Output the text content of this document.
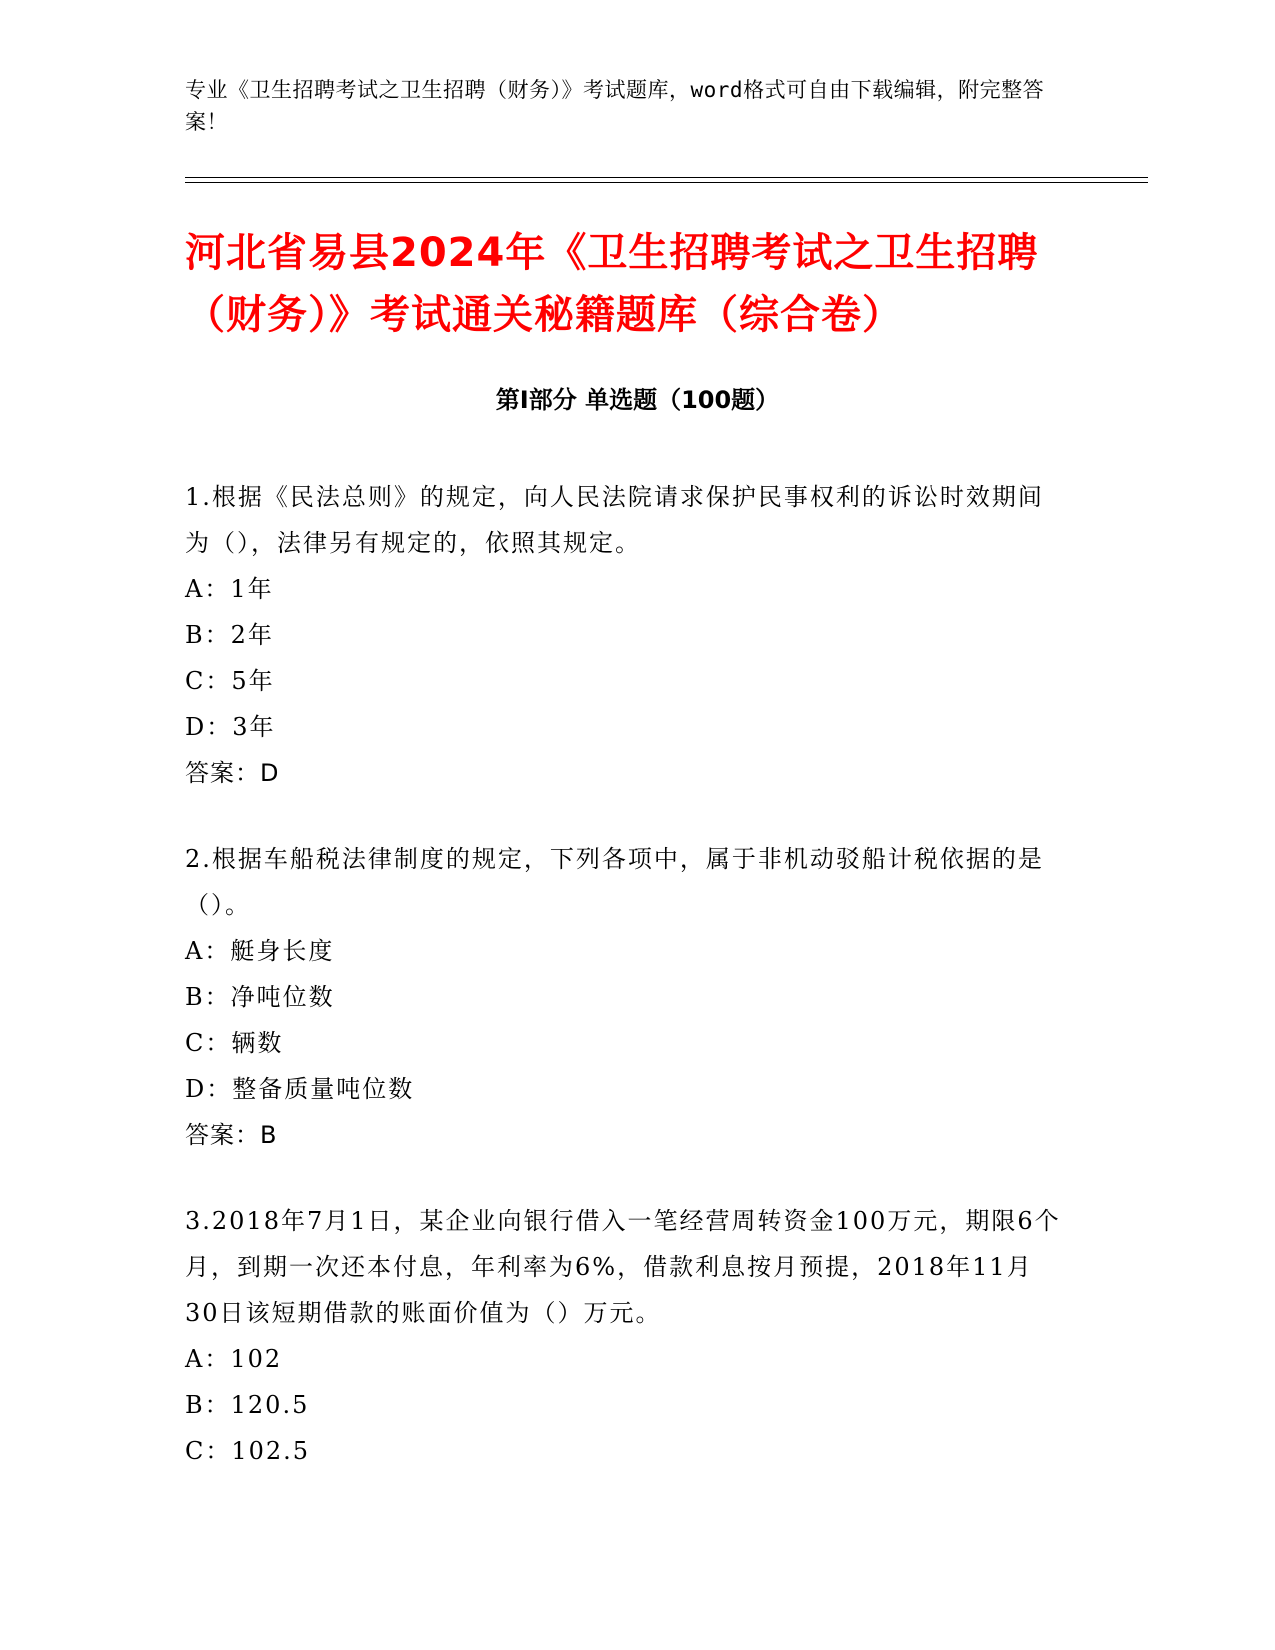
专业《卫生招聘考试之卫生招聘（财务）》考试题库，word格式可自由下载编辑，附完整答案！
河北省易县2024年《卫生招聘考试之卫生招聘（财务）》考试通关秘籍题库（综合卷）
第I部分 单选题（100题）

1.根据《民法总则》的规定，向人民法院请求保护民事权利的诉讼时效期间为（），法律另有规定的，依照其规定。

A：1年

B：2年

C：5年

D：3年

答案：D

2.根据车船税法律制度的规定，下列各项中，属于非机动驳船计税依据的是（）。

A：艇身长度

B：净吨位数

C：辆数

D：整备质量吨位数

答案：B

3.2018年7月1日，某企业向银行借入一笔经营周转资金100万元，期限6个月，到期一次还本付息，年利率为6%，借款利息按月预提，2018年11月30日该短期借款的账面价值为（）万元。

A：102

B：120.5

C：102.5
